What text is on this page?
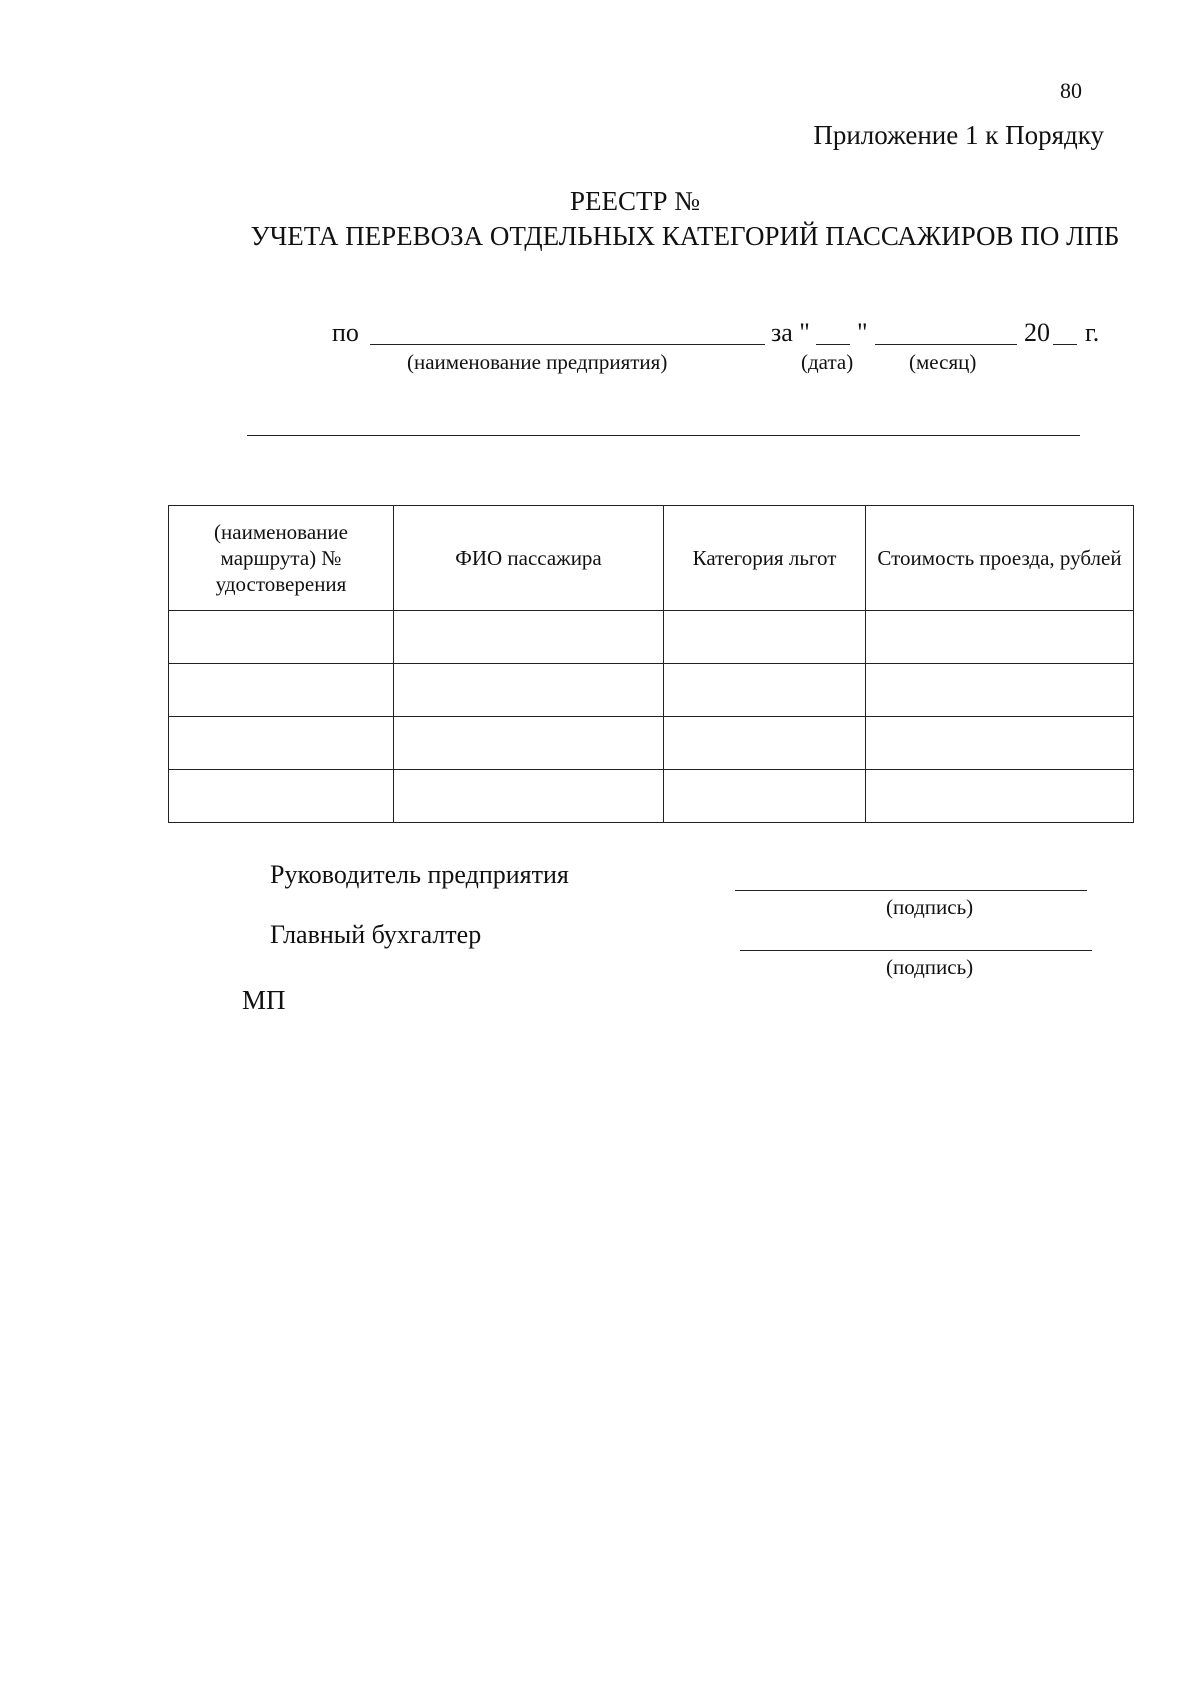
80
Приложение 1 к Порядку
РЕЕСТР №
УЧЕТА ПЕРЕВОЗА ОТДЕЛЬНЫХ КАТЕГОРИЙ ПАССАЖИРОВ ПО ЛПБ
по	за " "	20 г.
(наименование предприятия)	(дата)	(месяц)
(наименование маршрута) № удостоверения	ФИО пассажира	Категория льгот	Стоимость проезда, рублей

Руководитель предприятия
(подпись)
Главный бухгалтер
(подпись)
МП
